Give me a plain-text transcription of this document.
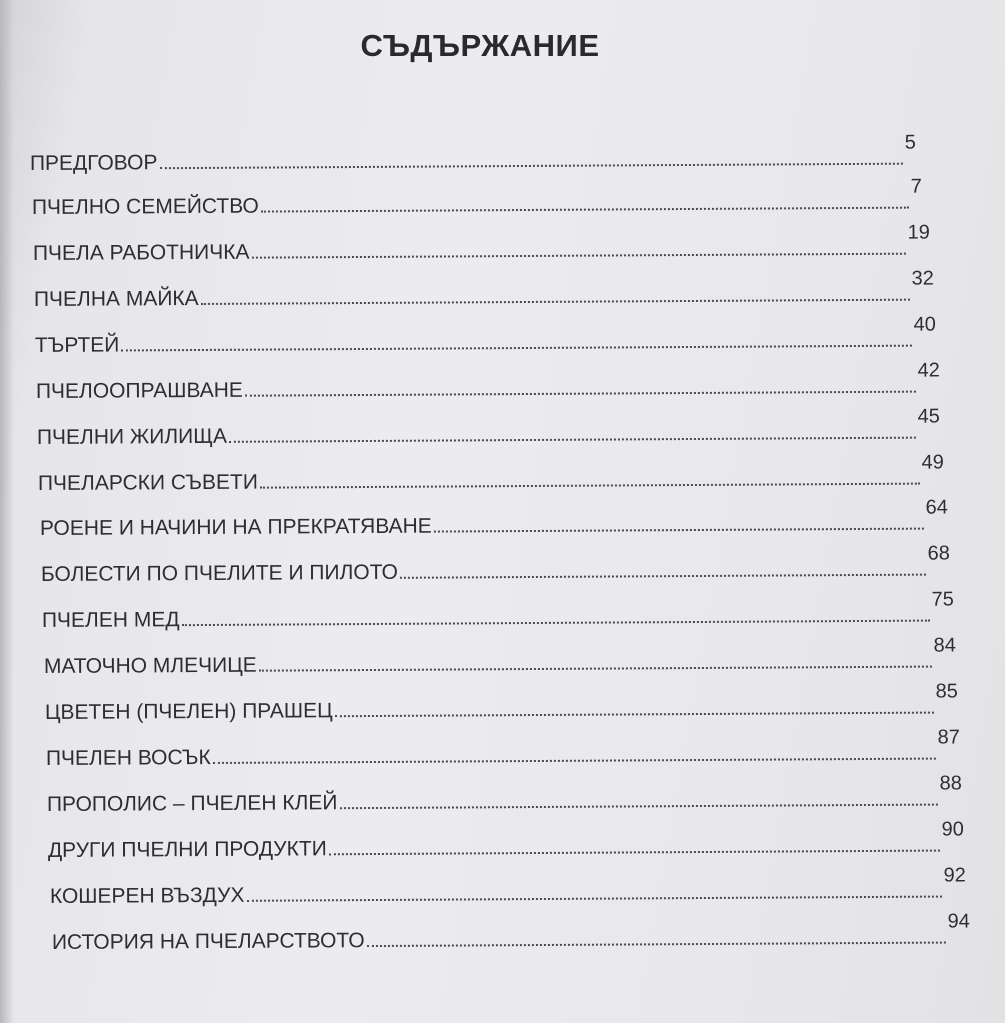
СЪДЪРЖАНИЕ
ПРЕДГОВОР
5
ПЧЕЛНО СЕМЕЙСТВО
7
ПЧЕЛА РАБОТНИЧКА
19
ПЧЕЛНА МАЙКА
32
ТЪРТЕЙ
40
ПЧЕЛООПРАШВАНЕ
42
ПЧЕЛНИ ЖИЛИЩА
45
ПЧЕЛАРСКИ СЪВЕТИ
49
РОЕНЕ И НАЧИНИ НА ПРЕКРАТЯВАНЕ
64
БОЛЕСТИ ПО ПЧЕЛИТЕ И ПИЛОТО
68
ПЧЕЛЕН МЕД
75
МАТОЧНО МЛЕЧИЦЕ
84
ЦВЕТЕН (ПЧЕЛЕН) ПРАШЕЦ
85
ПЧЕЛЕН ВОСЪК
87
ПРОПОЛИС – ПЧЕЛЕН КЛЕЙ
88
ДРУГИ ПЧЕЛНИ ПРОДУКТИ
90
КОШЕРЕН ВЪЗДУХ
92
ИСТОРИЯ НА ПЧЕЛАРСТВОТО
94
